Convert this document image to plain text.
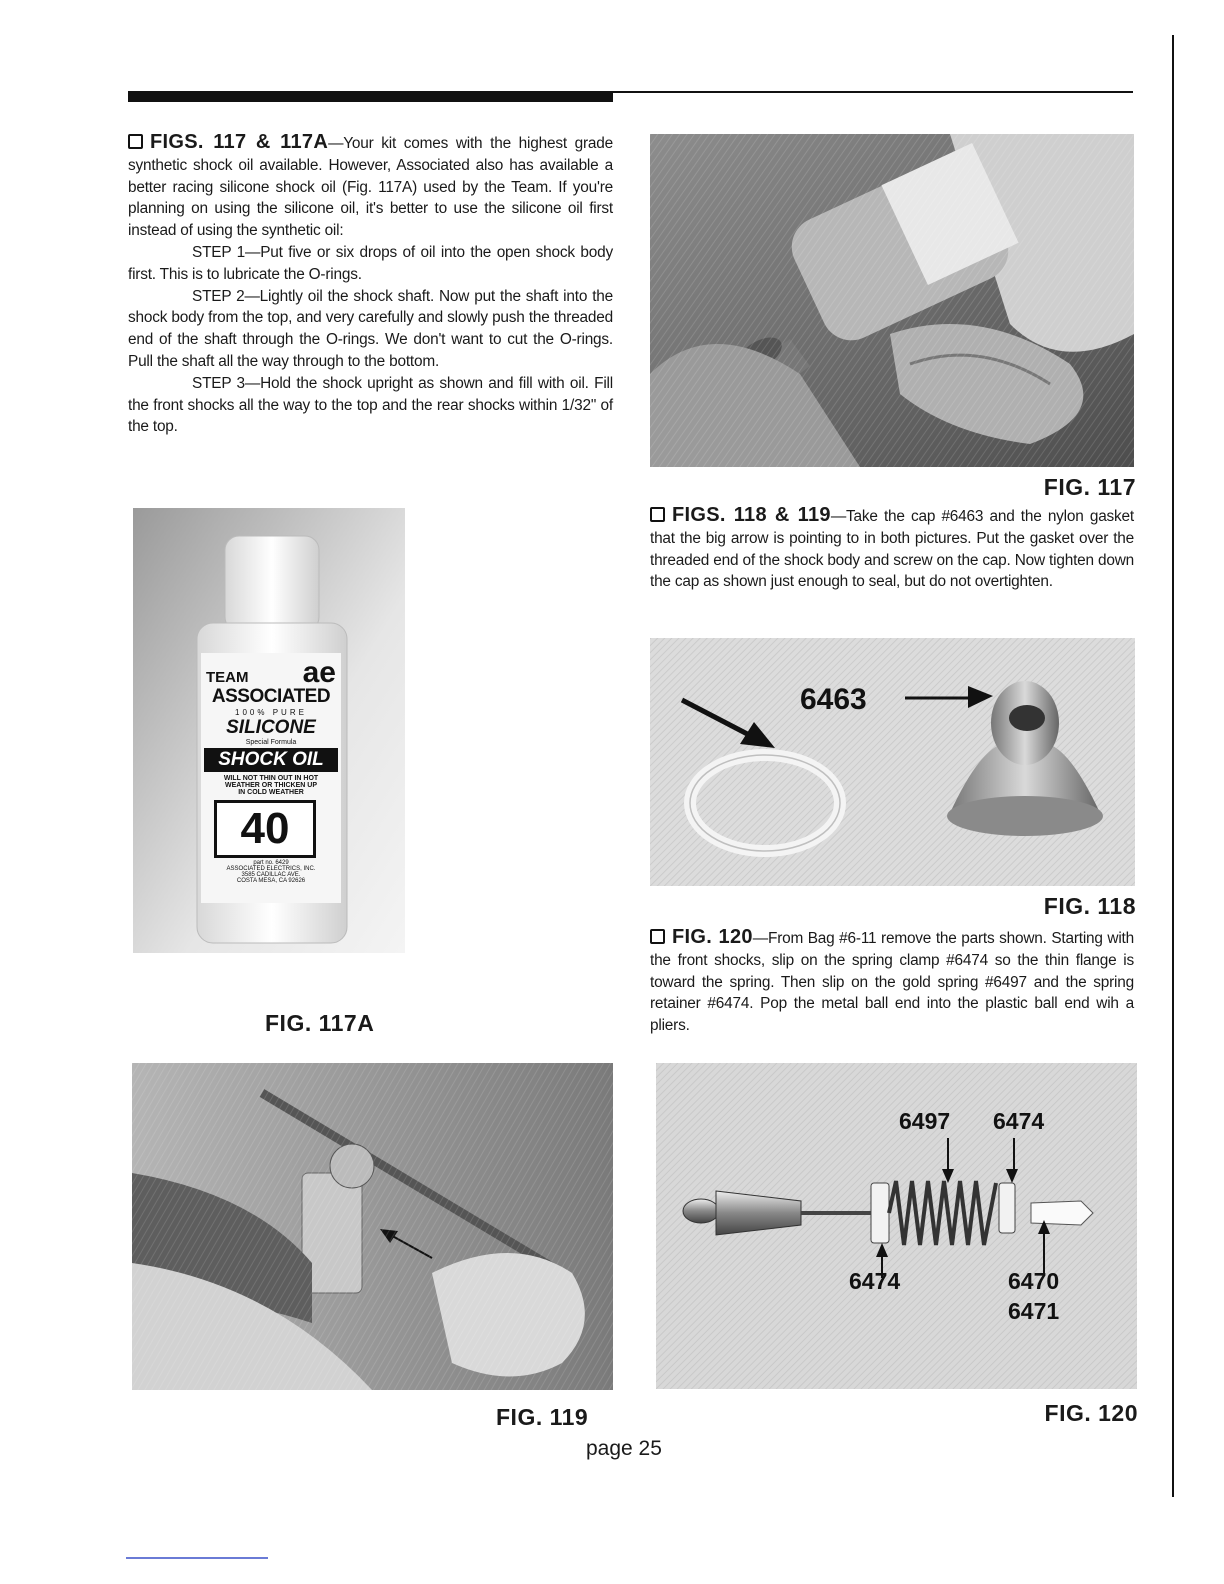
FIGS. 117 & 117A—Your kit comes with the highest grade synthetic shock oil available. However, Associated also has available a better racing silicone shock oil (Fig. 117A) used by the Team. If you're planning on using the silicone oil, it's better to use the silicone oil first instead of using the synthetic oil:

STEP 1—Put five or six drops of oil into the open shock body first. This is to lubricate the O-rings.

STEP 2—Lightly oil the shock shaft. Now put the shaft into the shock body from the top, and very carefully and slowly push the threaded end of the shaft through the O-rings. We don't want to cut the O-rings. Pull the shaft all the way through to the bottom.

STEP 3—Hold the shock upright as shown and fill with oil. Fill the front shocks all the way to the top and the rear shocks within 1/32" of the top.

FIG. 117

FIGS. 118 & 119—Take the cap #6463 and the nylon gasket that the big arrow is pointing to in both pictures. Put the gasket over the threaded end of the shock body and screw on the cap. Now tighten down the cap as shown just enough to seal, but do not overtighten.

TEAM ae
ASSOCIATED
100% PURE
SILICONE
Special Formula
SHOCK OIL
WILL NOT THIN OUT IN HOT
WEATHER OR THICKEN UP
IN COLD WEATHER
40
part no. 6429
ASSOCIATED ELECTRICS, INC.
3585 CADILLAC AVE.
COSTA MESA, CA 92626
FIG. 117A
6463
FIG. 118

FIG. 120—From Bag #6-11 remove the parts shown. Starting with the front shocks, slip on the spring clamp #6474 so the thin flange is toward the spring. Then slip on the gold spring #6497 and the spring retainer #6474. Pop the metal ball end into the plastic ball end wih a pliers.

FIG. 119
6497 6474
6474	6470
6471
FIG. 120
page 25
